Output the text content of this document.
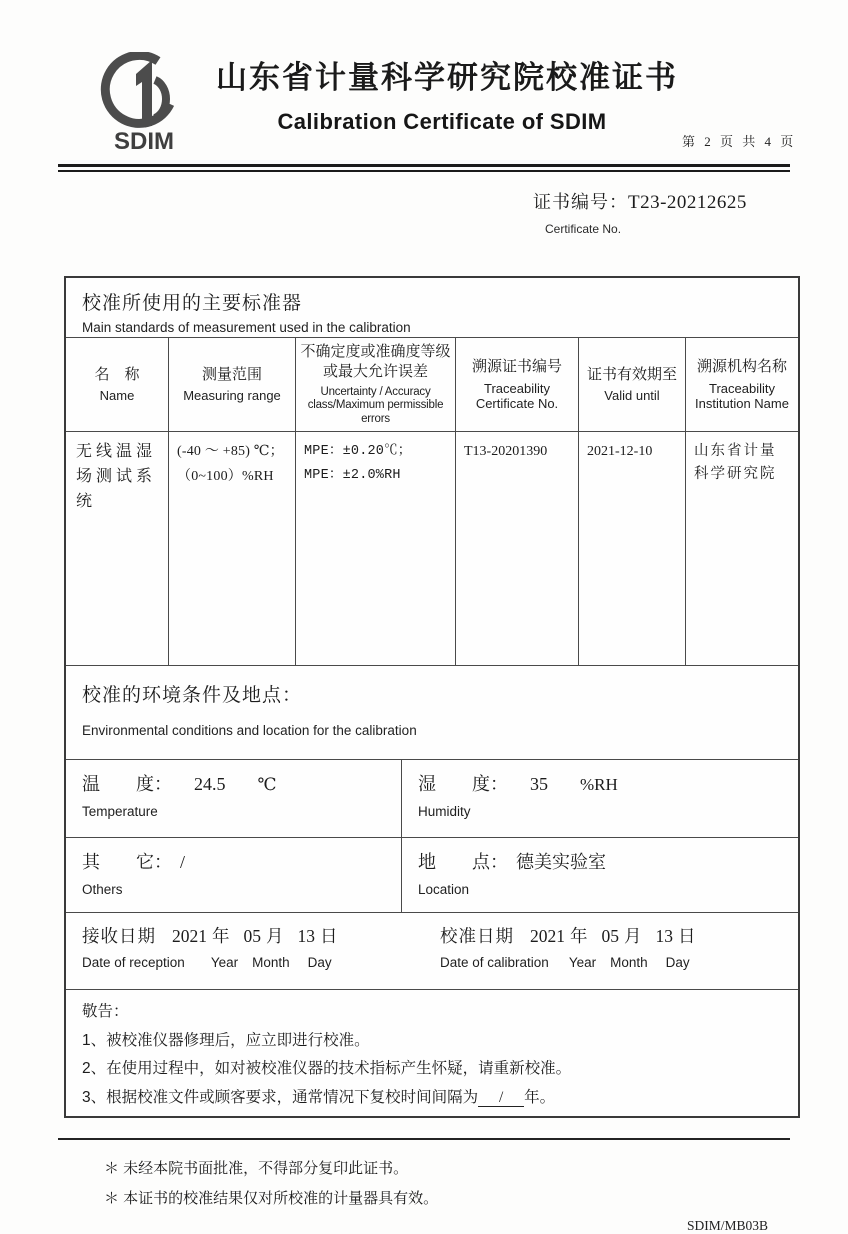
SDIM
山东省计量科学研究院校准证书
Calibration Certificate of SDIM
第 2 页 共 4 页
证书编号：T23-20212625
Certificate No.
校准所使用的主要标准器
Main standards of measurement used in the calibration
名　称
Name
测量范围
Measuring range
不确定度或准确度等级或最大允许误差
Uncertainty / Accuracy class/Maximum permissible errors
溯源证书编号
Traceability Certificate No.
证书有效期至
Valid until
溯源机构名称
Traceability Institution Name
无线温湿场测试系统
(-40 ～ +85) ℃；
（0~100）%RH
MPE：±0.20℃；
MPE：±2.0%RH
T13-20201390	2021-12-10	山东省计量科学研究院
校准的环境条件及地点：
Environmental conditions and location for the calibration
温　　度： 24.5 ℃
Temperature
湿　　度： 35 %RH
Humidity
其　　它： /
Others
地　　点： 德美实验室
Location
接收日期 2021 年 05 月 13 日
Date of reception Year Month Day
校准日期 2021 年 05 月 13 日
Date of calibration Year Month Day
敬告：
1、被校准仪器修理后，应立即进行校准。
2、在使用过程中，如对被校准仪器的技术指标产生怀疑，请重新校准。
3、根据校准文件或顾客要求，通常情况下复校时间间隔为 / 年。
＊ 未经本院书面批准，不得部分复印此证书。
＊ 本证书的校准结果仅对所校准的计量器具有效。
SDIM/MB03B
